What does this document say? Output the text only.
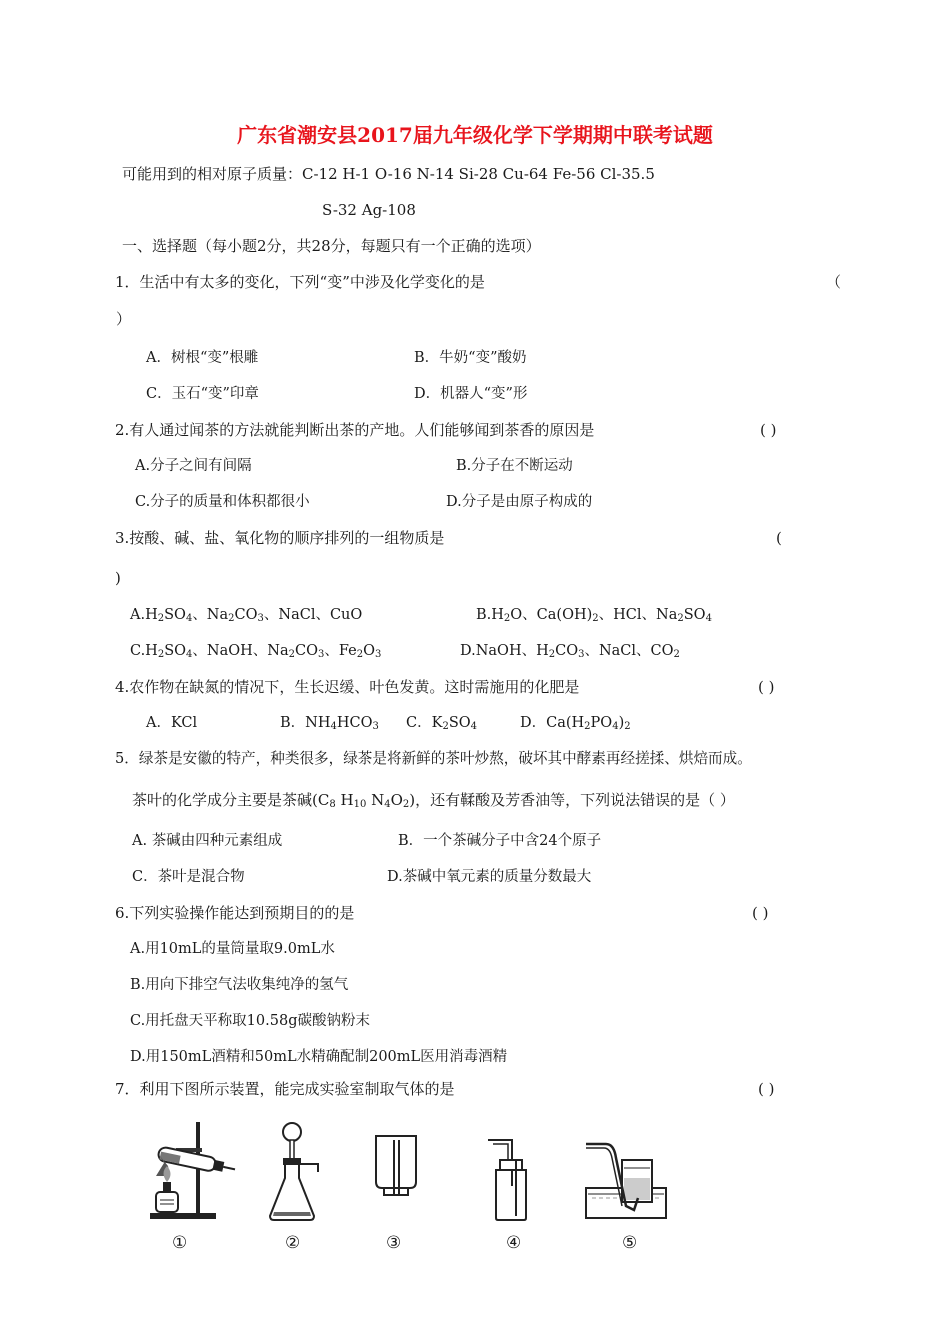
广东省潮安县2017届九年级化学下学期期中联考试题
可能用到的相对原子质量：C-12 H-1 O-16 N-14 Si-28 Cu-64 Fe-56 Cl-35.5
S-32 Ag-108
一、选择题（每小题2分，共28分，每题只有一个正确的选项）
1．生活中有太多的变化，下列“变”中涉及化学变化的是	（
）
A．树根“变”根雕	B．牛奶“变”酸奶
C．玉石“变”印章	D．机器人“变”形
2.有人通过闻茶的方法就能判断出茶的产地。人们能够闻到茶香的原因是	( )
A.分子之间有间隔	B.分子在不断运动
C.分子的质量和体积都很小	D.分子是由原子构成的
3.按酸、碱、盐、氧化物的顺序排列的一组物质是	(
)
$A.H_2SO_4$、$Na_2CO_3$、NaCl、CuO	$B.H_2O$、$Ca(OH)_2$、HCl、$Na_2SO_4$
$C.H_2SO_4$、NaOH、$Na_2CO_3$、$Fe_2O_3$	D.NaOH、$H_2CO_3$、NaCl、$CO_2$
4.农作物在缺氮的情况下，生长迟缓、叶色发黄。这时需施用的化肥是	( )
A．KCl	B．$NH_4HCO_3$ C．$K_2SO_4$	D．$Ca(H_2PO_4)_2$
5．绿茶是安徽的特产，种类很多，绿茶是将新鲜的茶叶炒熬，破坏其中酵素再经搓揉、烘焙而成。
茶叶的化学成分主要是茶碱($C_8$ $H_{10}$ $N_4O_2$)，还有鞣酸及芳香油等，下列说法错误的是（ ）
A. 茶碱由四种元素组成	B．一个茶碱分子中含24个原子
C．茶叶是混合物	D.茶碱中氧元素的质量分数最大
6.下列实验操作能达到预期目的的是	( )
A.用10mL的量筒量取9.0mL水
B.用向下排空气法收集纯净的氢气
C.用托盘天平称取10.58g碳酸钠粉末
D.用150mL酒精和50mL水精确配制200mL医用消毒酒精
7．利用下图所示装置，能完成实验室制取气体的是	( )
①	②	③	④	⑤
